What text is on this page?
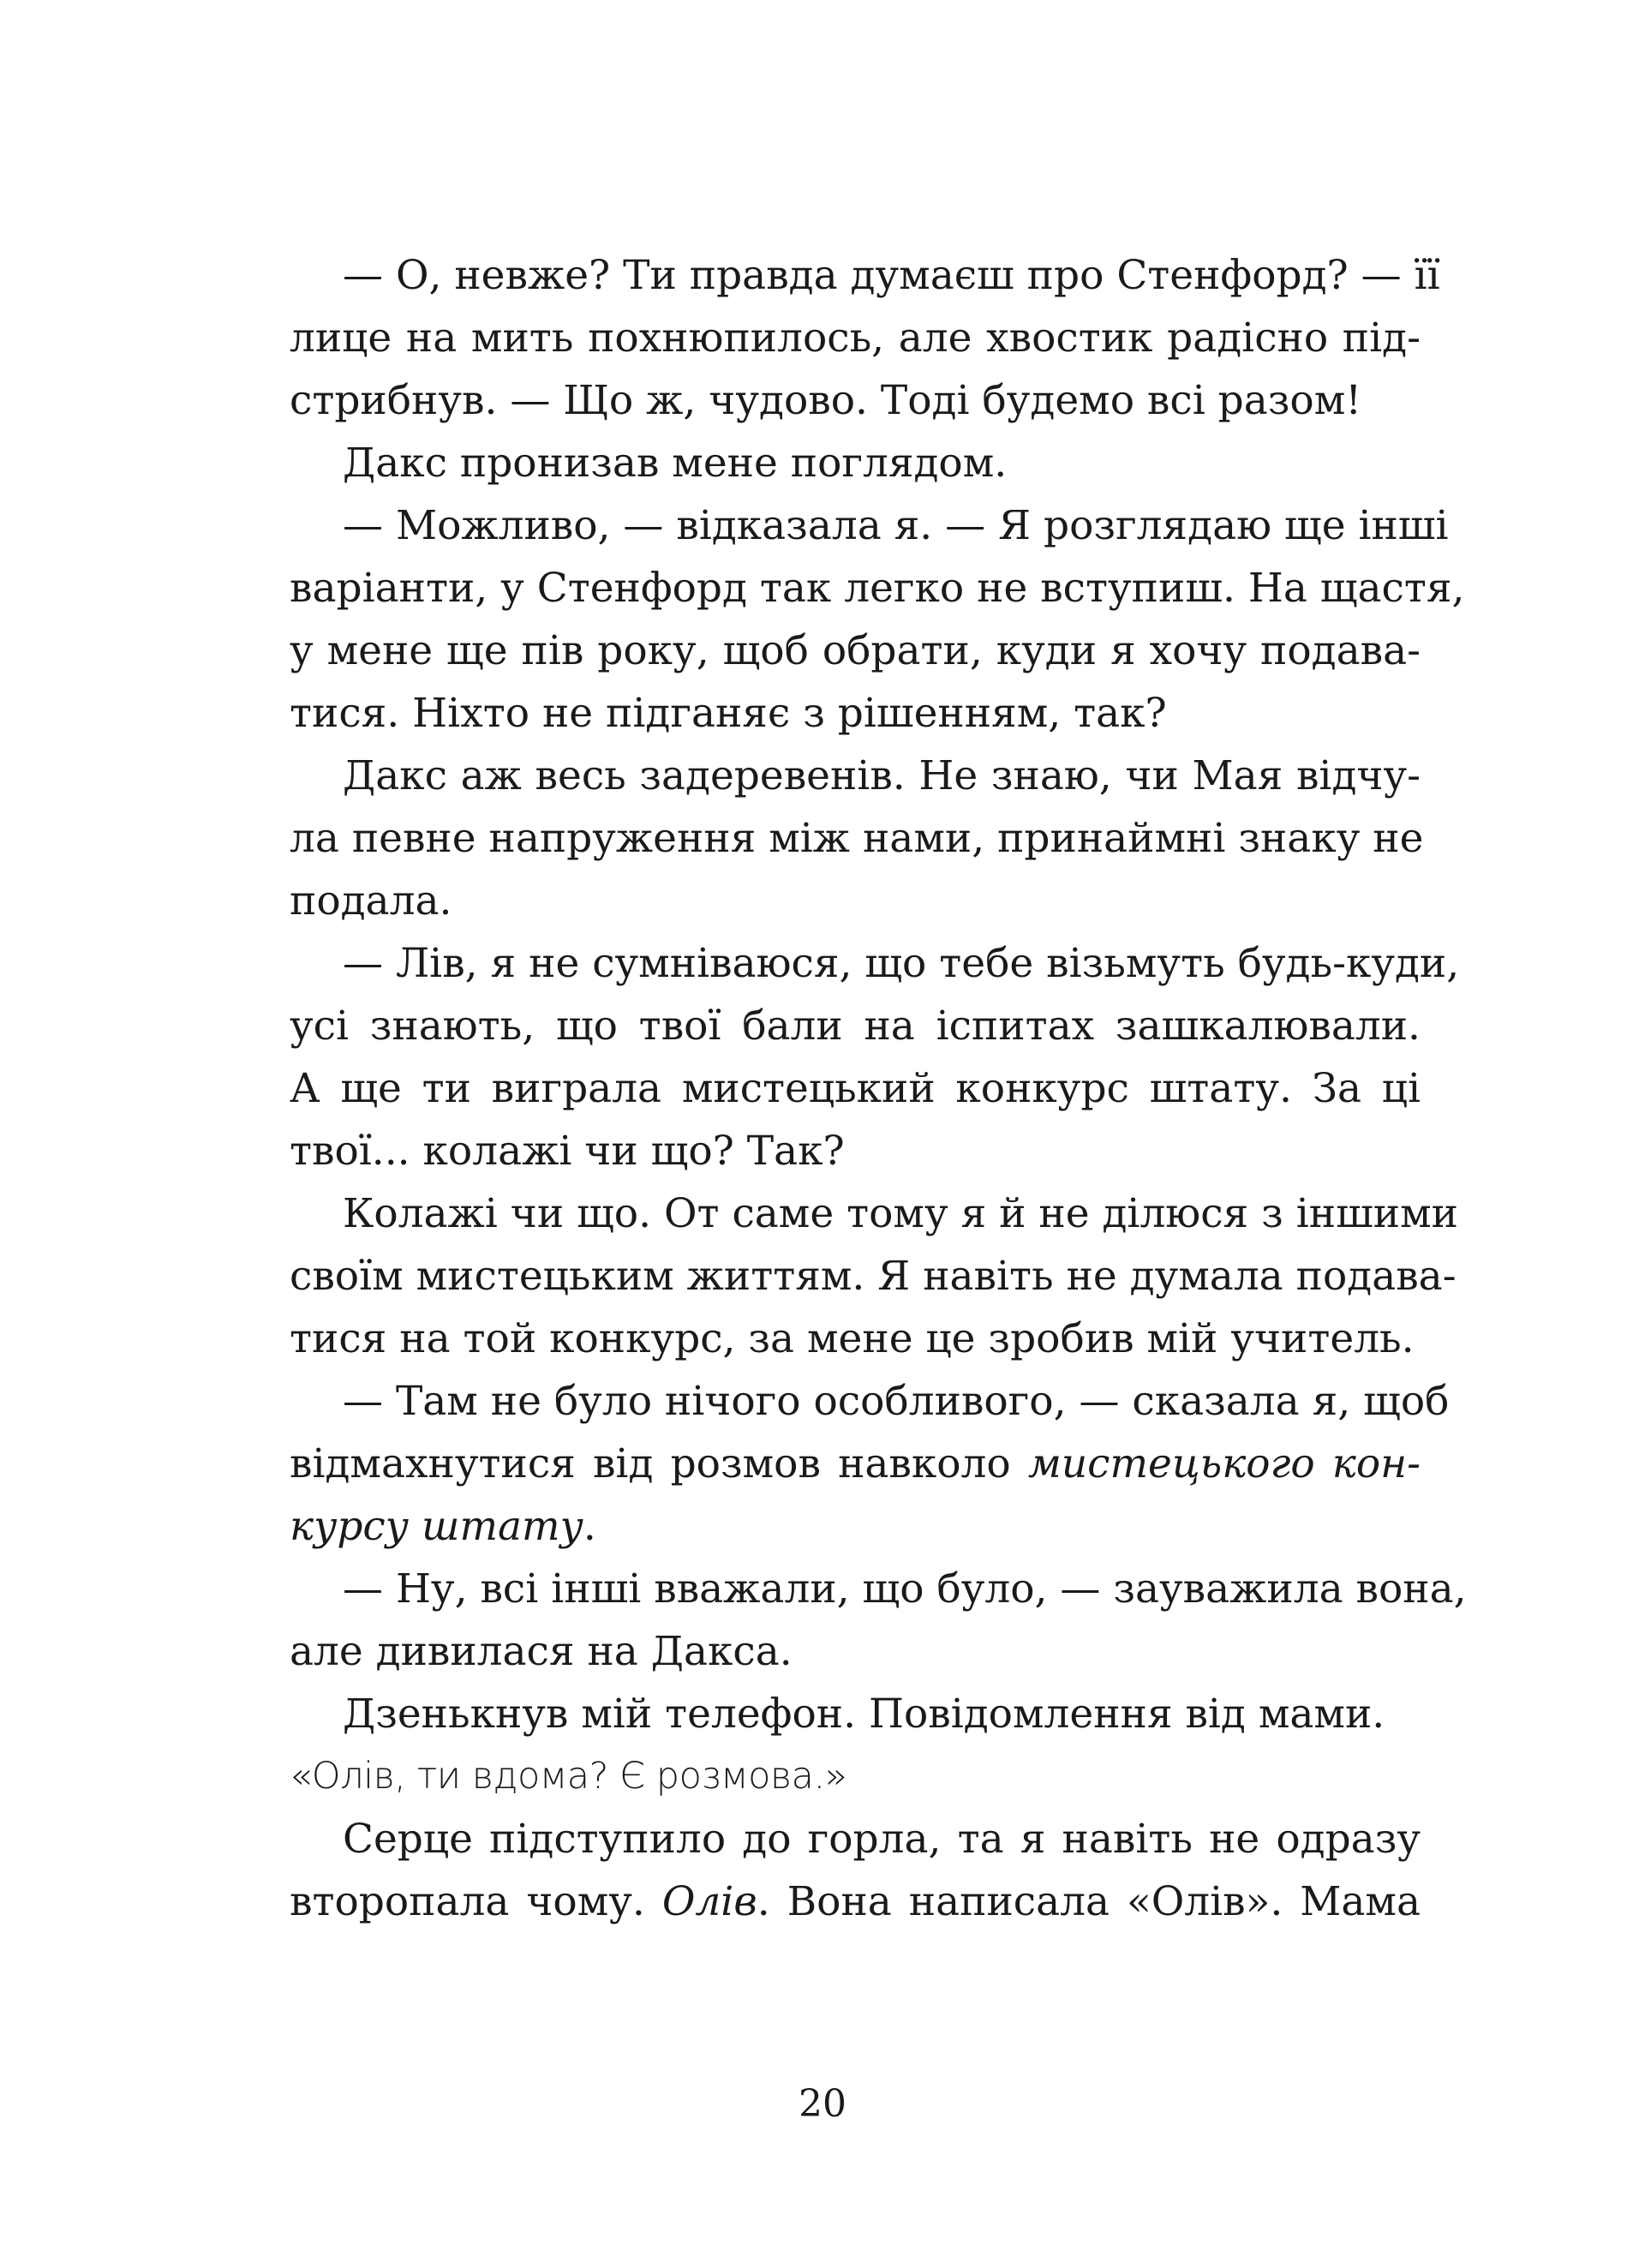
— О, невже? Ти правда думаєш про Стенфорд? — її
лице на мить похнюпилось, але хвостик радісно під-
стрибнув. — Що ж, чудово. Тоді будемо всі разом!
Дакс пронизав мене поглядом.
— Можливо, — відказала я. — Я розглядаю ще інші
варіанти, у Стенфорд так легко не вступиш. На щастя,
у мене ще пів року, щоб обрати, куди я хочу подава-
тися. Ніхто не підганяє з рішенням, так?
Дакс аж весь задеревенів. Не знаю, чи Мая відчу-
ла певне напруження між нами, принаймні знаку не
подала.
— Лів, я не сумніваюся, що тебе візьмуть будь-куди,
усі знають, що твої бали на іспитах зашкалювали.
А ще ти виграла мистецький конкурс штату. За ці
твої... колажі чи що? Так?
Колажі чи що. От саме тому я й не ділюся з іншими
своїм мистецьким життям. Я навіть не думала подава-
тися на той конкурс, за мене це зробив мій учитель.
— Там не було нічого особливого, — сказала я, щоб
відмахнутися від розмов навколо мистецького кон-
курсу штату.
— Ну, всі інші вважали, що було, — зауважила вона,
але дивилася на Дакса.
Дзенькнув мій телефон. Повідомлення від мами.
«Олів, ти вдома? Є розмова.»
Серце підступило до горла, та я навіть не одразу
второпала чому. Олів. Вона написала «Олів». Мама
20
